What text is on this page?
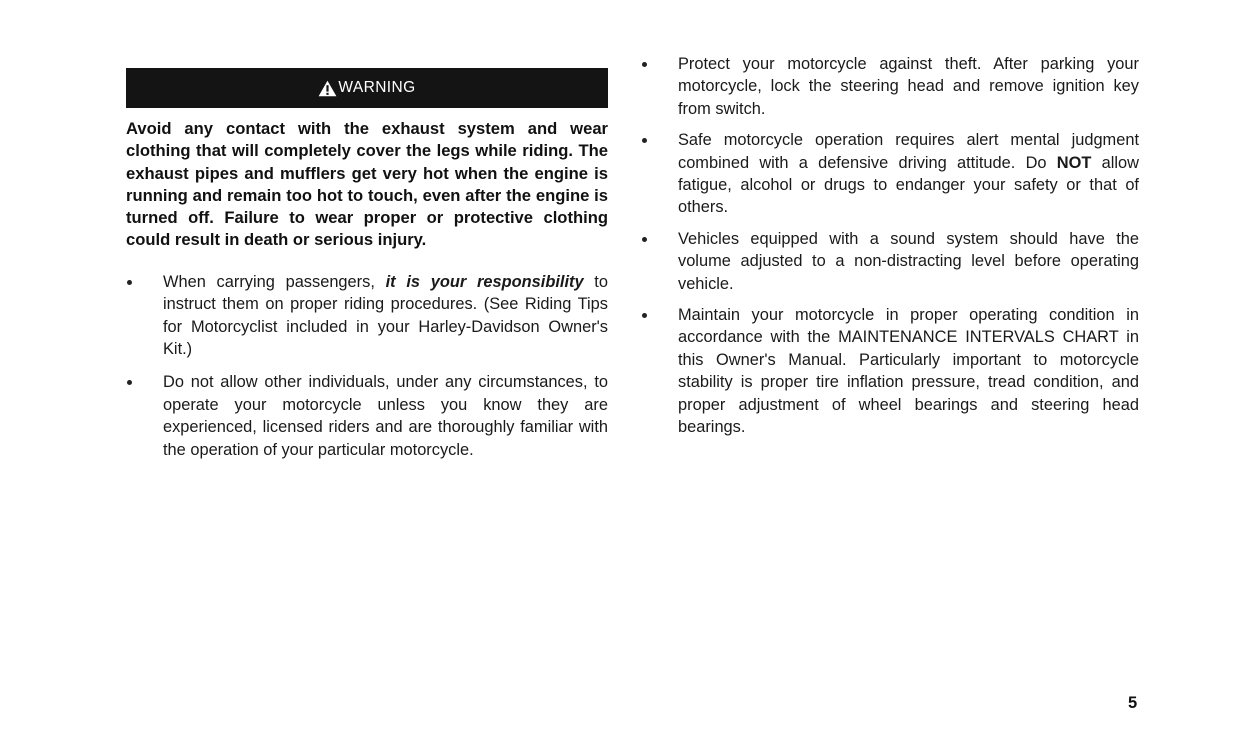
WARNING

Avoid any contact with the exhaust system and wear clothing that will completely cover the legs while riding. The exhaust pipes and mufflers get very hot when the engine is running and remain too hot to touch, even after the engine is turned off. Failure to wear proper or protective clothing could result in death or serious injury.

When carrying passengers, it is your responsibility to instruct them on proper riding procedures. (See Riding Tips for Motorcyclist included in your Harley-Davidson Owner's Kit.)
Do not allow other individuals, under any circumstances, to operate your motorcycle unless you know they are experienced, licensed riders and are thoroughly familiar with the operation of your particular motorcycle.
Protect your motorcycle against theft. After parking your motorcycle, lock the steering head and remove ignition key from switch.
Safe motorcycle operation requires alert mental judgment combined with a defensive driving attitude. Do NOT allow fatigue, alcohol or drugs to endanger your safety or that of others.
Vehicles equipped with a sound system should have the volume adjusted to a non-distracting level before operating vehicle.
Maintain your motorcycle in proper operating condition in accordance with the MAINTENANCE INTERVALS CHART in this Owner's Manual. Particularly important to motorcycle stability is proper tire inflation pressure, tread condition, and proper adjustment of wheel bearings and steering head bearings.
5
